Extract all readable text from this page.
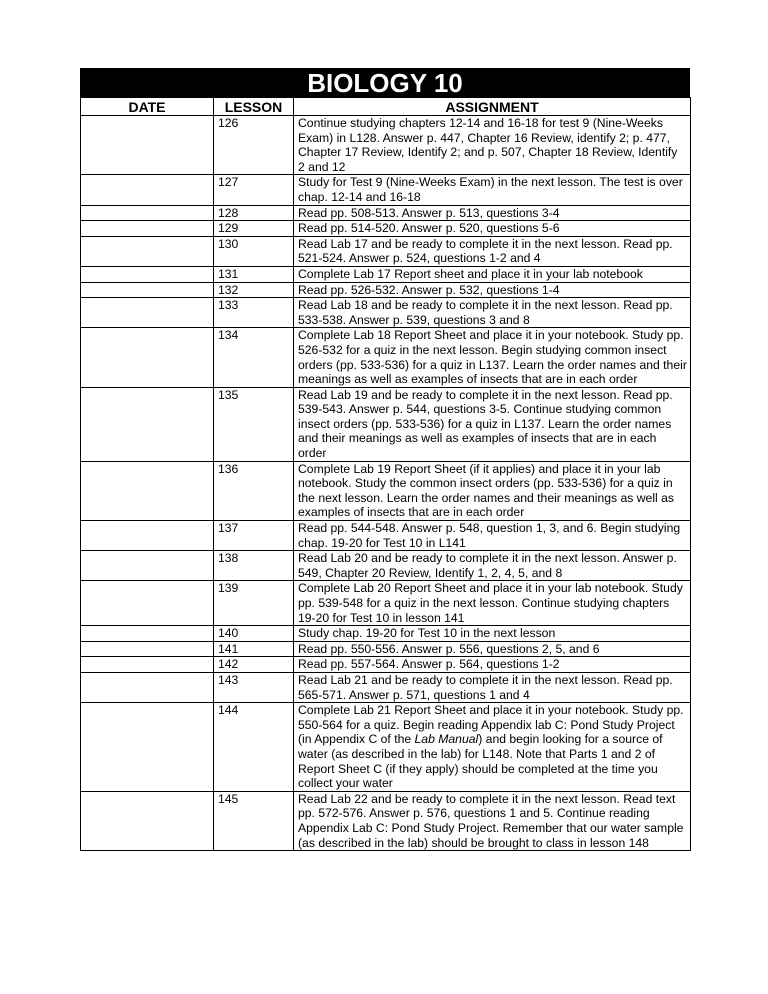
BIOLOGY 10
DATE	LESSON	ASSIGNMENT
	126	Continue studying chapters 12-14 and 16-18 for test 9 (Nine-Weeks Exam) in L128. Answer p. 447, Chapter 16 Review, identify 2; p. 477, Chapter 17 Review, Identify 2; and p. 507, Chapter 18 Review, Identify 2 and 12
	127	Study for Test 9 (Nine-Weeks Exam) in the next lesson. The test is over chap. 12-14 and 16-18
	128	Read pp. 508-513. Answer p. 513, questions 3-4
	129	Read pp. 514-520. Answer p. 520, questions 5-6
	130	Read Lab 17 and be ready to complete it in the next lesson. Read pp. 521-524. Answer p. 524, questions 1-2 and 4
	131	Complete Lab 17 Report sheet and place it in your lab notebook
	132	Read pp. 526-532. Answer p. 532, questions 1-4
	133	Read Lab 18 and be ready to complete it in the next lesson. Read pp. 533-538. Answer p. 539, questions 3 and 8
	134	Complete Lab 18 Report Sheet and place it in your notebook. Study pp. 526-532 for a quiz in the next lesson. Begin studying common insect orders (pp. 533-536) for a quiz in L137. Learn the order names and their meanings as well as examples of insects that are in each order
	135	Read Lab 19 and be ready to complete it in the next lesson. Read pp. 539-543. Answer p. 544, questions 3-5. Continue studying common insect orders (pp. 533-536) for a quiz in L137. Learn the order names and their meanings as well as examples of insects that are in each order
	136	Complete Lab 19 Report Sheet (if it applies) and place it in your lab notebook. Study the common insect orders (pp. 533-536) for a quiz in the next lesson. Learn the order names and their meanings as well as examples of insects that are in each order
	137	Read pp. 544-548. Answer p. 548, question 1, 3, and 6. Begin studying chap. 19-20 for Test 10 in L141
	138	Read Lab 20 and be ready to complete it in the next lesson. Answer p. 549, Chapter 20 Review, Identify 1, 2, 4, 5, and 8
	139	Complete Lab 20 Report Sheet and place it in your lab notebook. Study pp. 539-548 for a quiz in the next lesson. Continue studying chapters 19-20 for Test 10 in lesson 141
	140	Study chap. 19-20 for Test 10 in the next lesson
	141	Read pp. 550-556. Answer p. 556, questions 2, 5, and 6
	142	Read pp. 557-564. Answer p. 564, questions 1-2
	143	Read Lab 21 and be ready to complete it in the next lesson. Read pp. 565-571. Answer p. 571, questions 1 and 4
	144	Complete Lab 21 Report Sheet and place it in your notebook. Study pp. 550-564 for a quiz. Begin reading Appendix lab C: Pond Study Project (in Appendix C of the Lab Manual) and begin looking for a source of water (as described in the lab) for L148. Note that Parts 1 and 2 of Report Sheet C (if they apply) should be completed at the time you collect your water
	145	Read Lab 22 and be ready to complete it in the next lesson. Read text pp. 572-576. Answer p. 576, questions 1 and 5. Continue reading Appendix Lab C: Pond Study Project. Remember that our water sample (as described in the lab) should be brought to class in lesson 148
